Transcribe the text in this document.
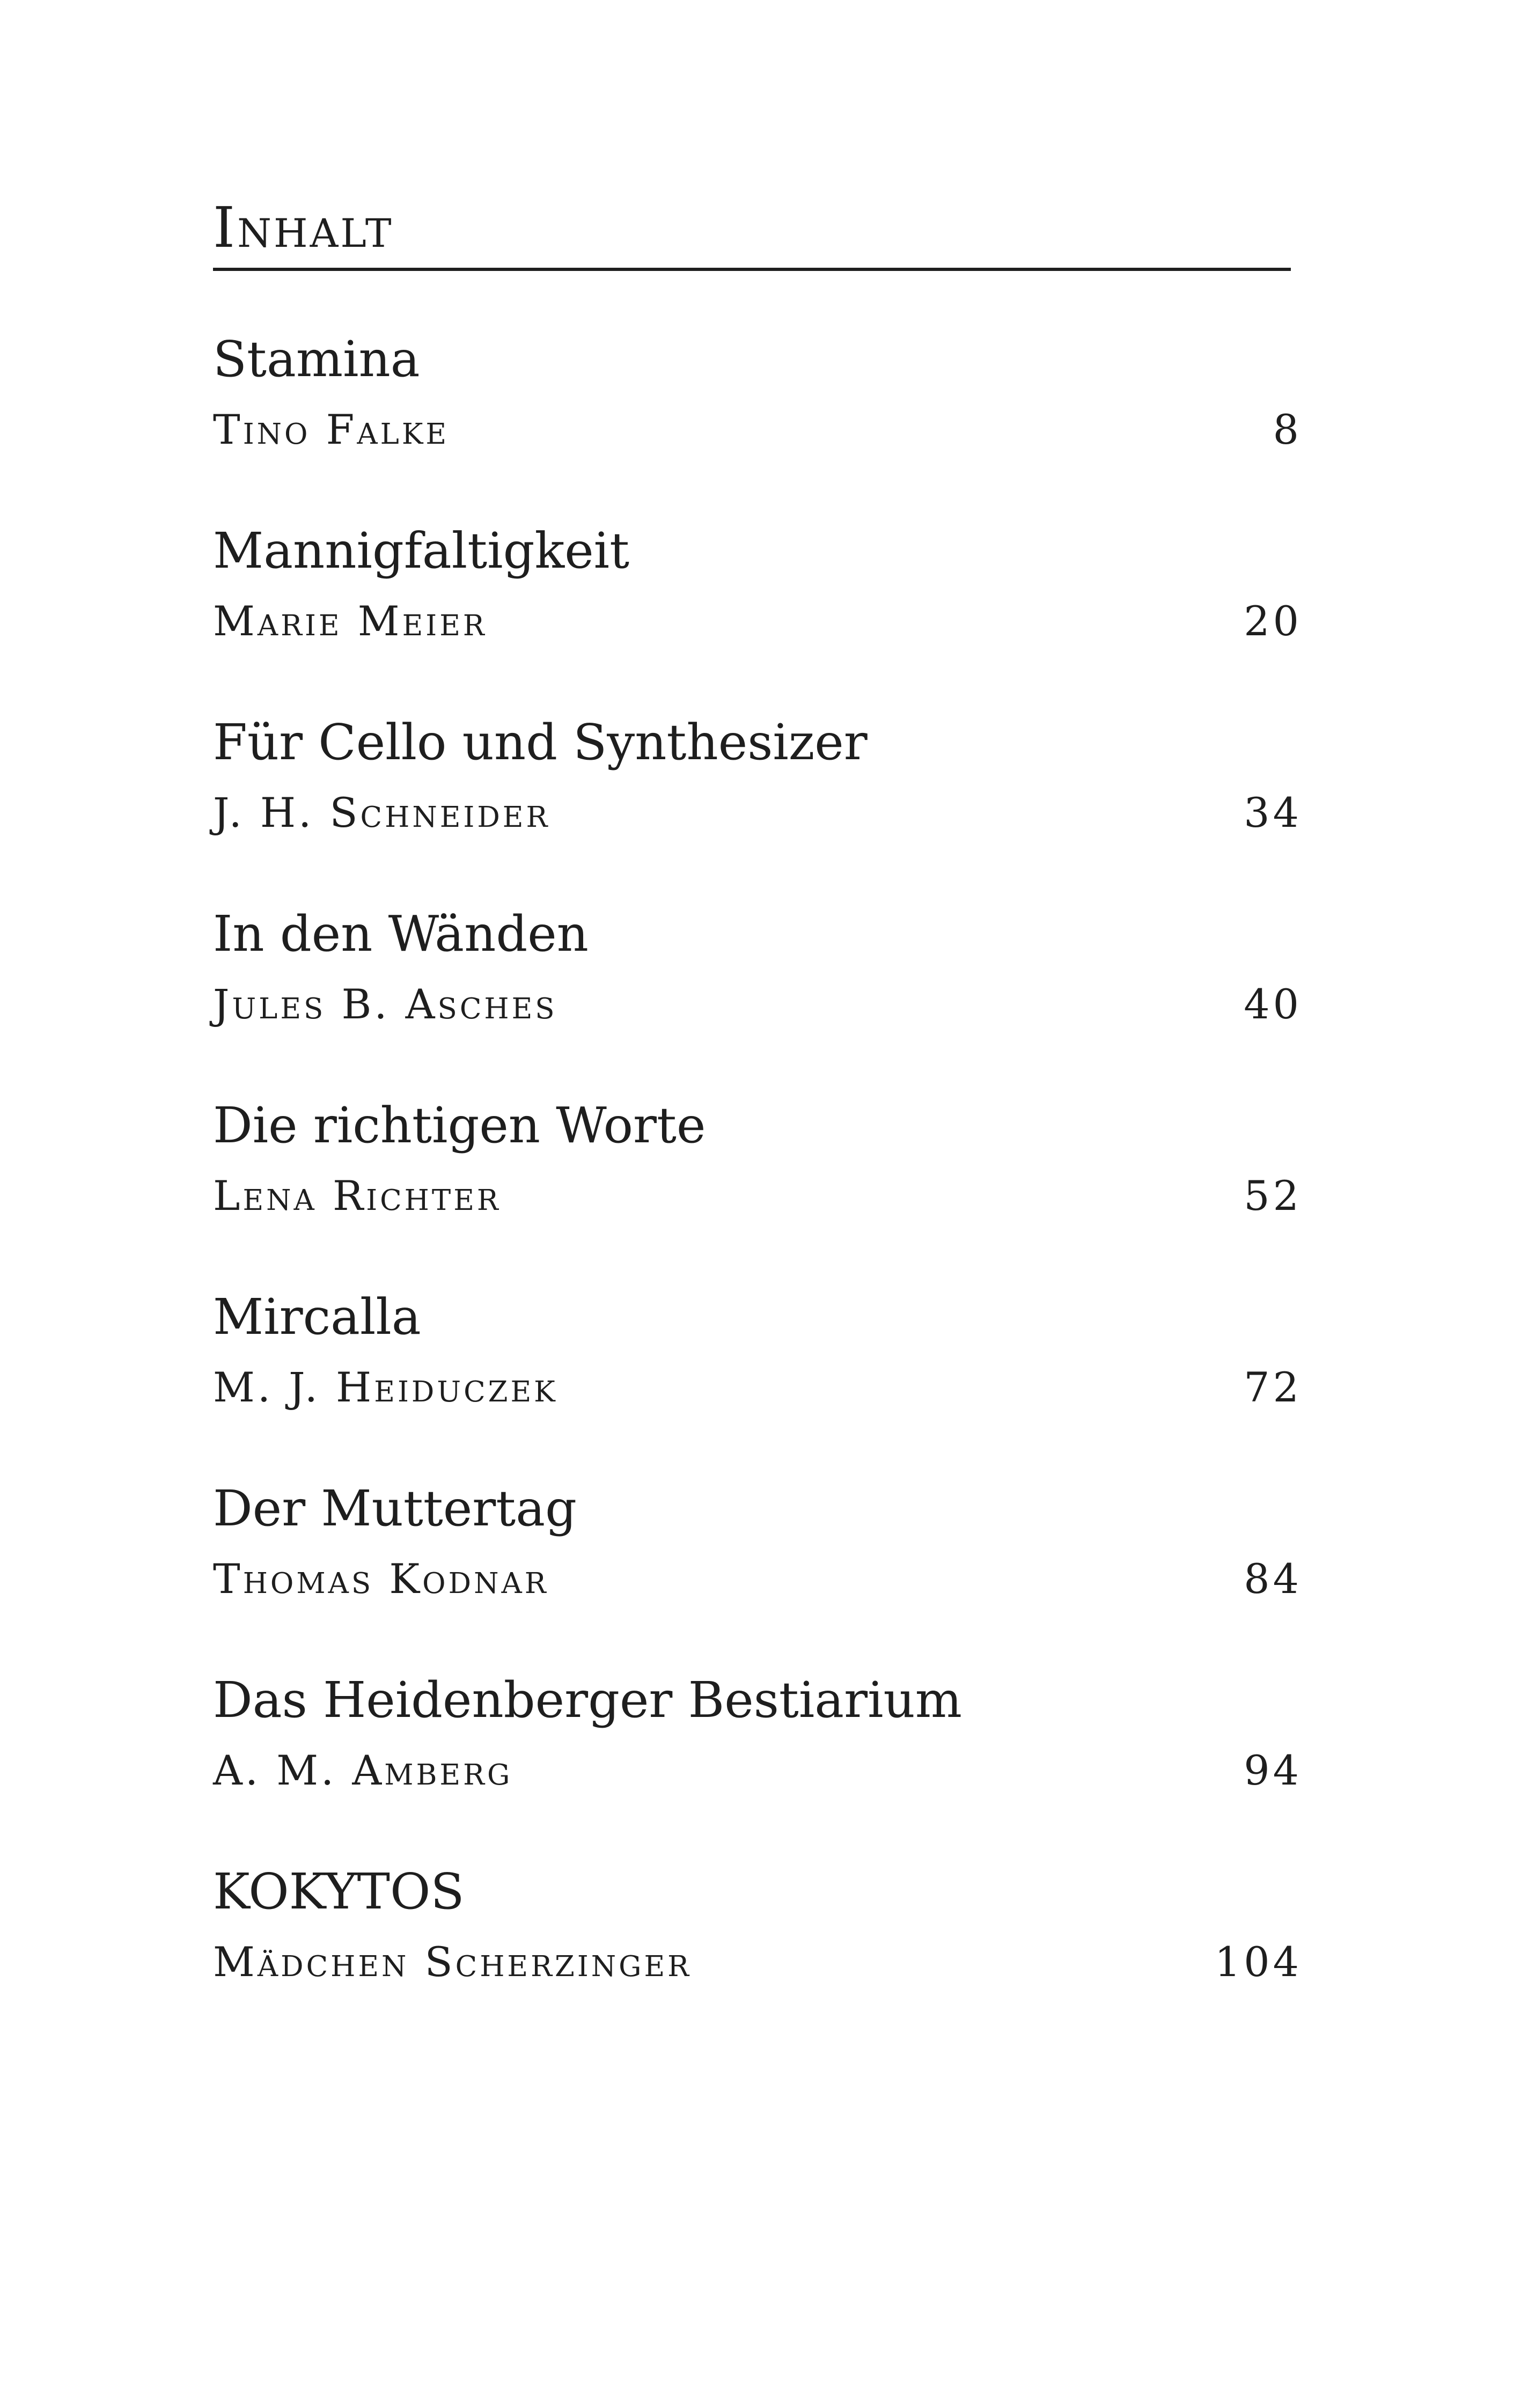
Inhalt
Stamina
Tino Falke	8
Mannigfaltigkeit
Marie Meier	20
Für Cello und Synthesizer
J. H. Schneider	34
In den Wänden
Jules B. Asches	40
Die richtigen Worte
Lena Richter	52
Mircalla
M. J. Heiduczek	72
Der Muttertag
Thomas Kodnar	84
Das Heidenberger Bestiarium
A. M. Amberg	94
KOKYTOS
Mädchen Scherzinger	104
